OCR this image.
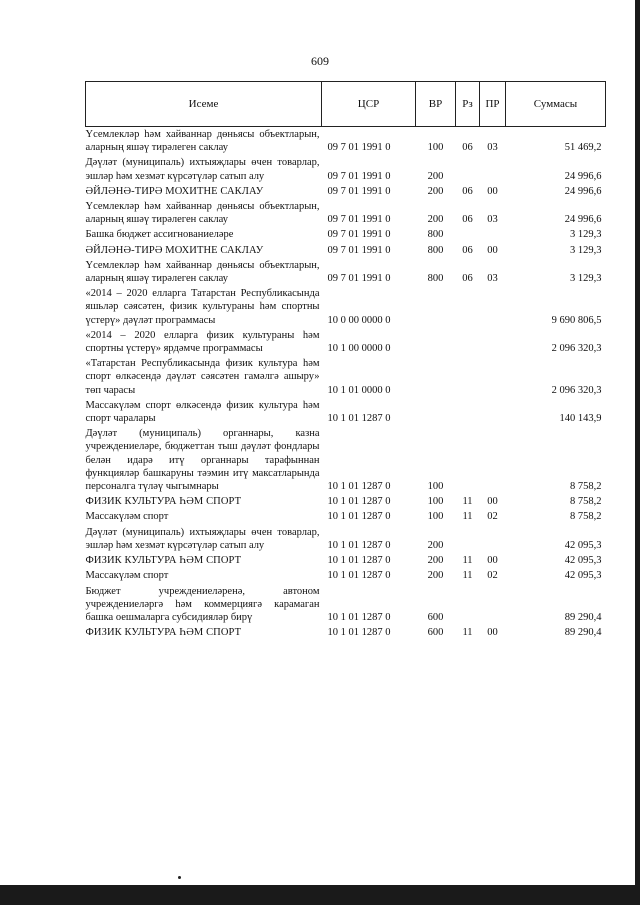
609
Исеме	ЦСР	ВР	Рз	ПР	Суммасы
Үсемлекләр һәм хайваннар дөньясы объектларын, аларның яшәү тирәлеген саклау	09 7 01 1991 0	100	06	03	51 469,2
Дәүләт (муниципаль) ихтыяҗлары өчен товарлар, эшләр һәм хезмәт күрсәтүләр сатып алу	09 7 01 1991 0	200			24 996,6
ӘЙЛӘНӘ-ТИРӘ МОХИТНЕ САКЛАУ	09 7 01 1991 0	200	06	00	24 996,6
Үсемлекләр һәм хайваннар дөньясы объектларын, аларның яшәү тирәлеген саклау	09 7 01 1991 0	200	06	03	24 996,6
Башка бюджет ассигнованиеләре	09 7 01 1991 0	800			3 129,3
ӘЙЛӘНӘ-ТИРӘ МОХИТНЕ САКЛАУ	09 7 01 1991 0	800	06	00	3 129,3
Үсемлекләр һәм хайваннар дөньясы объектларын, аларның яшәү тирәлеген саклау	09 7 01 1991 0	800	06	03	3 129,3
«2014 – 2020 елларга Татарстан Республикасында яшьләр сәясәтен, физик культураны һәм спортны үстерү» дәүләт программасы	10 0 00 0000 0				9 690 806,5
«2014 – 2020 елларга физик культураны һәм спортны үстерү» ярдәмче программасы	10 1 00 0000 0				2 096 320,3
«Татарстан Республикасында физик культура һәм спорт өлкәсендә дәүләт сәясәтен гамәлгә ашыру» төп чарасы	10 1 01 0000 0				2 096 320,3
Массакүләм спорт өлкәсендә физик культура һәм спорт чаралары	10 1 01 1287 0				140 143,9
Дәүләт (муниципаль) органнары, казна учреждениеләре, бюджеттан тыш дәүләт фондлары белән идарә итү органнары тарафыннан функцияләр башкаруны тәэмин итү максатларында персоналга түләү чыгымнары	10 1 01 1287 0	100			8 758,2
ФИЗИК КУЛЬТУРА ҺӘМ СПОРТ	10 1 01 1287 0	100	11	00	8 758,2
Массакүләм спорт	10 1 01 1287 0	100	11	02	8 758,2
Дәүләт (муниципаль) ихтыяҗлары өчен товарлар, эшләр һәм хезмәт күрсәтүләр сатып алу	10 1 01 1287 0	200			42 095,3
ФИЗИК КУЛЬТУРА ҺӘМ СПОРТ	10 1 01 1287 0	200	11	00	42 095,3
Массакүләм спорт	10 1 01 1287 0	200	11	02	42 095,3
Бюджет учреждениеләренә, автоном учреждениеләргә һәм коммерциягә карамаган башка оешмаларга субсидияләр бирү	10 1 01 1287 0	600			89 290,4
ФИЗИК КУЛЬТУРА ҺӘМ СПОРТ	10 1 01 1287 0	600	11	00	89 290,4
